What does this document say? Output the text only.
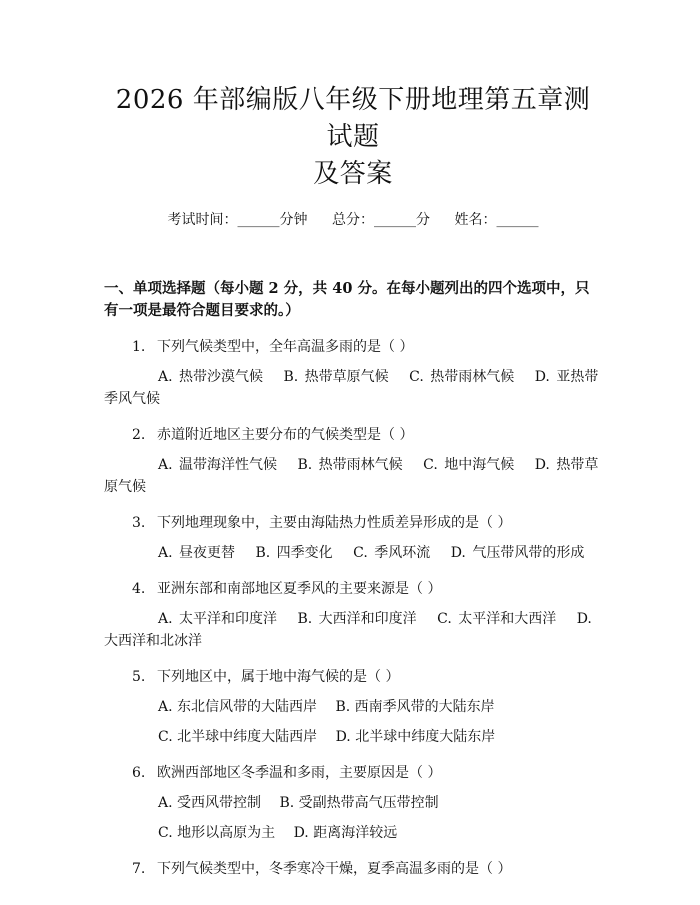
2026 年部编版八年级下册地理第五章测试题
及答案
考试时间：______分钟 总分：______分 姓名：______
一、单项选择题（每小题 2 分，共 40 分。在每小题列出的四个选项中，只有一项是最符合题目要求的。）
1. 下列气候类型中，全年高温多雨的是（ ）
A. 热带沙漠气候 B. 热带草原气候 C. 热带雨林气候 D. 亚热带季风气候
2. 赤道附近地区主要分布的气候类型是（ ）
A. 温带海洋性气候 B. 热带雨林气候 C. 地中海气候 D. 热带草原气候
3. 下列地理现象中，主要由海陆热力性质差异形成的是（ ）
A. 昼夜更替 B. 四季变化 C. 季风环流 D. 气压带风带的形成
4. 亚洲东部和南部地区夏季风的主要来源是（ ）
A. 太平洋和印度洋 B. 大西洋和印度洋 C. 太平洋和大西洋 D. 大西洋和北冰洋
5. 下列地区中，属于地中海气候的是（ ）
A. 东北信风带的大陆西岸 B. 西南季风带的大陆东岸
C. 北半球中纬度大陆西岸 D. 北半球中纬度大陆东岸
6. 欧洲西部地区冬季温和多雨，主要原因是（ ）
A. 受西风带控制 B. 受副热带高气压带控制
C. 地形以高原为主 D. 距离海洋较远
7. 下列气候类型中，冬季寒冷干燥，夏季高温多雨的是（ ）
